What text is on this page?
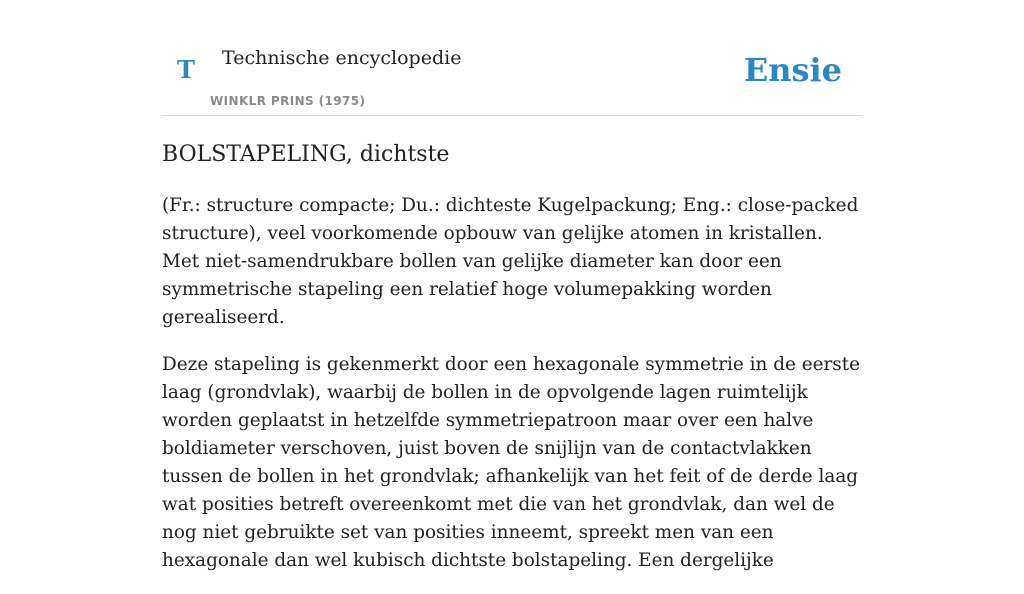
T Technische encyclopedie
WINKLR PRINS (1975)
Ensie
BOLSTAPELING, dichtste

(Fr.: structure compacte; Du.: dichteste Kugelpackung; Eng.: close-packed structure), veel voorkomende opbouw van gelijke atomen in kristallen. Met niet-samendrukbare bollen van gelijke diameter kan door een symmetrische stapeling een relatief hoge volumepakking worden gerealiseerd.

Deze stapeling is gekenmerkt door een hexagonale symmetrie in de eerste laag (grondvlak), waarbij de bollen in de opvolgende lagen ruimtelijk worden geplaatst in hetzelfde symmetriepatroon maar over een halve boldiameter verschoven, juist boven de snijlijn van de contactvlakken tussen de bollen in het grondvlak; afhankelijk van het feit of de derde laag wat posities betreft overeenkomt met die van het grondvlak, dan wel de nog niet gebruikte set van posities inneemt, spreekt men van een hexagonale dan wel kubisch dichtste bolstapeling. Een dergelijke
